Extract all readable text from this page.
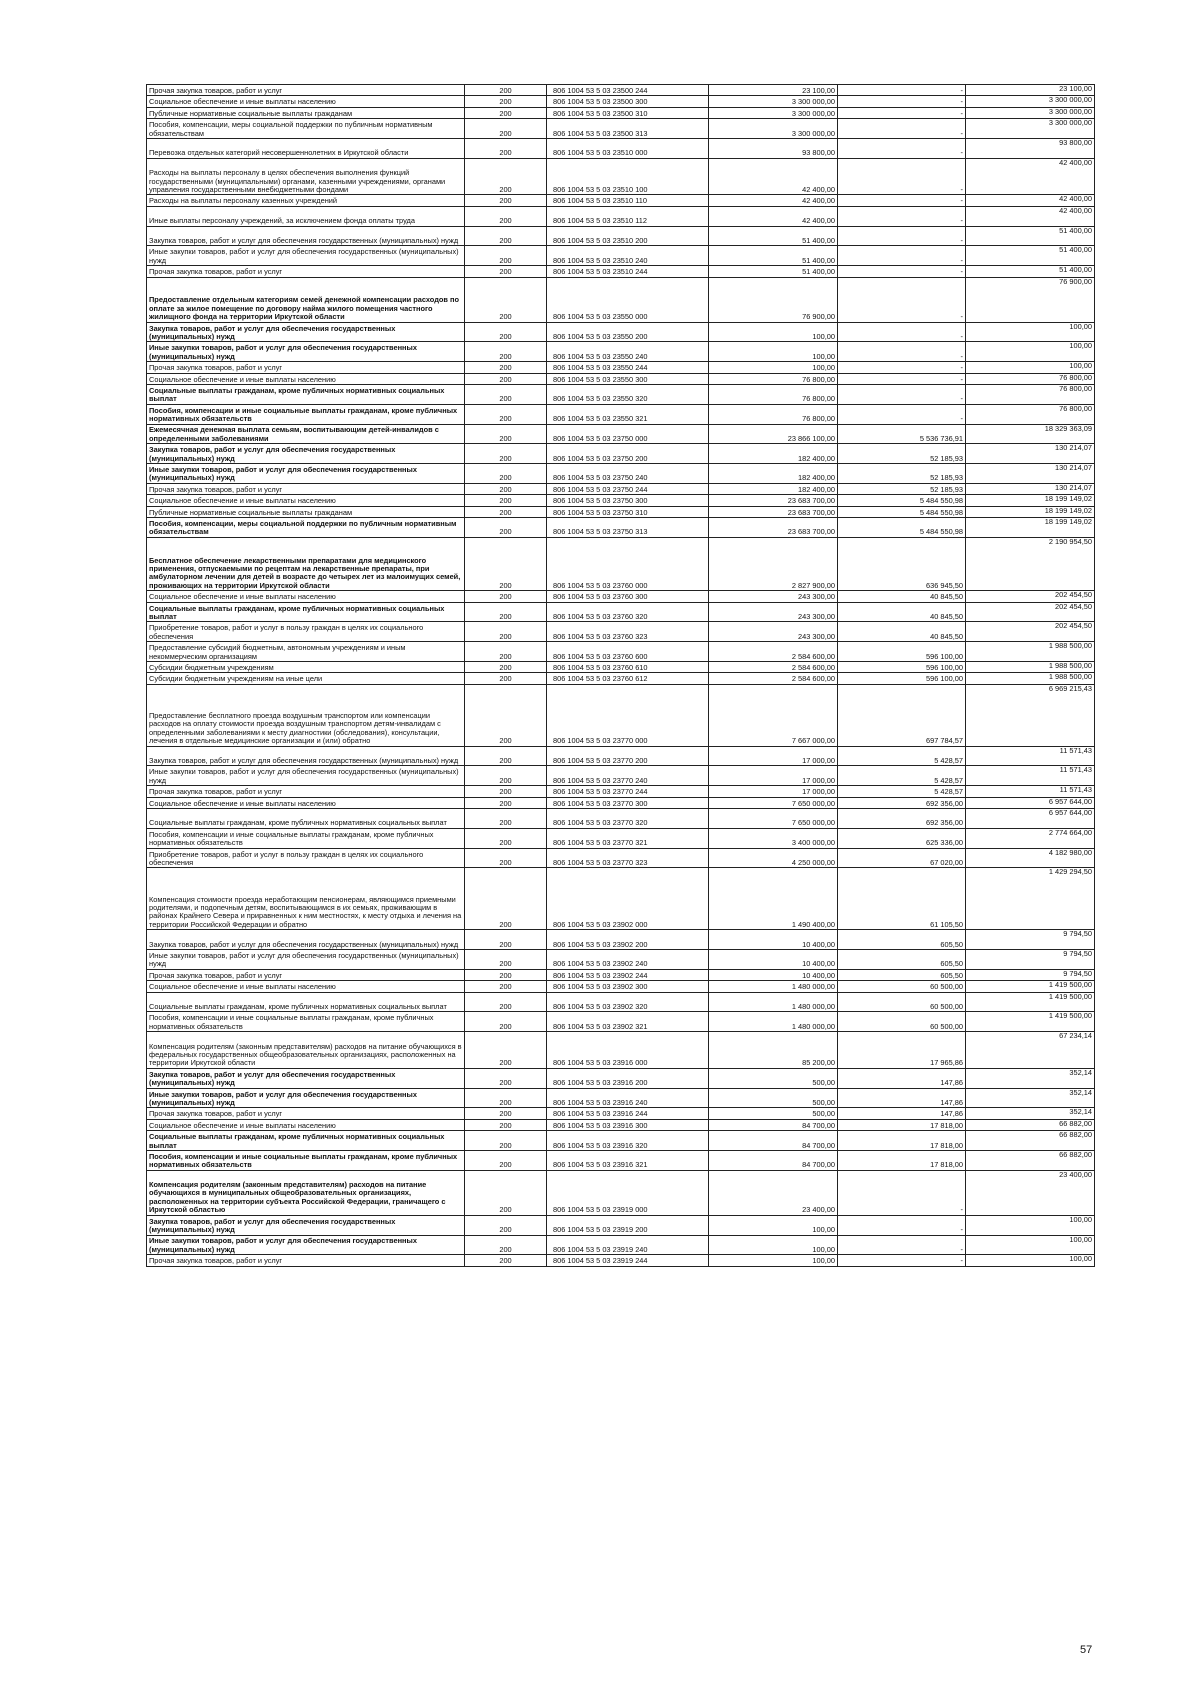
Прочая закупка товаров, работ и услуг	200	806 1004 53 5 03 23500 244	23 100,00	-	23 100,00
Социальное обеспечение и иные выплаты населению	200	806 1004 53 5 03 23500 300	3 300 000,00	-	3 300 000,00
Публичные нормативные социальные выплаты гражданам	200	806 1004 53 5 03 23500 310	3 300 000,00	-	3 300 000,00
Пособия, компенсации, меры социальной поддержки по публичным нормативным обязательствам	200	806 1004 53 5 03 23500 313	3 300 000,00	-	3 300 000,00
Перевозка отдельных категорий несовершеннолетних в Иркутской области	200	806 1004 53 5 03 23510 000	93 800,00	-	93 800,00
Расходы на выплаты персоналу в целях обеспечения выполнения функций государственными (муниципальными) органами, казенными учреждениями, органами управления государственными внебюджетными фондами	200	806 1004 53 5 03 23510 100	42 400,00	-	42 400,00
Расходы на выплаты персоналу казенных учреждений	200	806 1004 53 5 03 23510 110	42 400,00	-	42 400,00
Иные выплаты персоналу учреждений, за исключением фонда оплаты труда	200	806 1004 53 5 03 23510 112	42 400,00	-	42 400,00
Закупка товаров, работ и услуг для обеспечения государственных (муниципальных) нужд	200	806 1004 53 5 03 23510 200	51 400,00	-	51 400,00
Иные закупки товаров, работ и услуг для обеспечения государственных (муниципальных) нужд	200	806 1004 53 5 03 23510 240	51 400,00	-	51 400,00
Прочая закупка товаров, работ и услуг	200	806 1004 53 5 03 23510 244	51 400,00	-	51 400,00
Предоставление отдельным категориям семей денежной компенсации расходов по оплате за жилое помещение по договору найма жилого помещения частного жилищного фонда на территории Иркутской области	200	806 1004 53 5 03 23550 000	76 900,00	-	76 900,00
Закупка товаров, работ и услуг для обеспечения государственных (муниципальных) нужд	200	806 1004 53 5 03 23550 200	100,00	-	100,00
Иные закупки товаров, работ и услуг для обеспечения государственных (муниципальных) нужд	200	806 1004 53 5 03 23550 240	100,00	-	100,00
Прочая закупка товаров, работ и услуг	200	806 1004 53 5 03 23550 244	100,00	-	100,00
Социальное обеспечение и иные выплаты населению	200	806 1004 53 5 03 23550 300	76 800,00	-	76 800,00
Социальные выплаты гражданам, кроме публичных нормативных социальных выплат	200	806 1004 53 5 03 23550 320	76 800,00	-	76 800,00
Пособия, компенсации и иные социальные выплаты гражданам, кроме публичных нормативных обязательств	200	806 1004 53 5 03 23550 321	76 800,00	-	76 800,00
Ежемесячная денежная выплата семьям, воспитывающим детей-инвалидов с определенными заболеваниями	200	806 1004 53 5 03 23750 000	23 866 100,00	5 536 736,91	18 329 363,09
Закупка товаров, работ и услуг для обеспечения государственных (муниципальных) нужд	200	806 1004 53 5 03 23750 200	182 400,00	52 185,93	130 214,07
Иные закупки товаров, работ и услуг для обеспечения государственных (муниципальных) нужд	200	806 1004 53 5 03 23750 240	182 400,00	52 185,93	130 214,07
Прочая закупка товаров, работ и услуг	200	806 1004 53 5 03 23750 244	182 400,00	52 185,93	130 214,07
Социальное обеспечение и иные выплаты населению	200	806 1004 53 5 03 23750 300	23 683 700,00	5 484 550,98	18 199 149,02
Публичные нормативные социальные выплаты гражданам	200	806 1004 53 5 03 23750 310	23 683 700,00	5 484 550,98	18 199 149,02
Пособия, компенсации, меры социальной поддержки по публичным нормативным обязательствам	200	806 1004 53 5 03 23750 313	23 683 700,00	5 484 550,98	18 199 149,02
Бесплатное обеспечение лекарственными препаратами для медицинского применения, отпускаемыми по рецептам на лекарственные препараты, при амбулаторном лечении для детей в возрасте до четырех лет из малоимущих семей, проживающих на территории Иркутской области	200	806 1004 53 5 03 23760 000	2 827 900,00	636 945,50	2 190 954,50
Социальное обеспечение и иные выплаты населению	200	806 1004 53 5 03 23760 300	243 300,00	40 845,50	202 454,50
Социальные выплаты гражданам, кроме публичных нормативных социальных выплат	200	806 1004 53 5 03 23760 320	243 300,00	40 845,50	202 454,50
Приобретение товаров, работ и услуг в пользу граждан в целях их социального обеспечения	200	806 1004 53 5 03 23760 323	243 300,00	40 845,50	202 454,50
Предоставление субсидий бюджетным, автономным учреждениям и иным некоммерческим организациям	200	806 1004 53 5 03 23760 600	2 584 600,00	596 100,00	1 988 500,00
Субсидии бюджетным учреждениям	200	806 1004 53 5 03 23760 610	2 584 600,00	596 100,00	1 988 500,00
Субсидии бюджетным учреждениям на иные цели	200	806 1004 53 5 03 23760 612	2 584 600,00	596 100,00	1 988 500,00
Предоставление бесплатного проезда воздушным транспортом или компенсации расходов на оплату стоимости проезда воздушным транспортом детям-инвалидам с определенными заболеваниями к месту диагностики (обследования), консультации, лечения в отдельные медицинские организации и (или) обратно	200	806 1004 53 5 03 23770 000	7 667 000,00	697 784,57	6 969 215,43
Закупка товаров, работ и услуг для обеспечения государственных (муниципальных) нужд	200	806 1004 53 5 03 23770 200	17 000,00	5 428,57	11 571,43
Иные закупки товаров, работ и услуг для обеспечения государственных (муниципальных) нужд	200	806 1004 53 5 03 23770 240	17 000,00	5 428,57	11 571,43
Прочая закупка товаров, работ и услуг	200	806 1004 53 5 03 23770 244	17 000,00	5 428,57	11 571,43
Социальное обеспечение и иные выплаты населению	200	806 1004 53 5 03 23770 300	7 650 000,00	692 356,00	6 957 644,00
Социальные выплаты гражданам, кроме публичных нормативных социальных выплат	200	806 1004 53 5 03 23770 320	7 650 000,00	692 356,00	6 957 644,00
Пособия, компенсации и иные социальные выплаты гражданам, кроме публичных нормативных обязательств	200	806 1004 53 5 03 23770 321	3 400 000,00	625 336,00	2 774 664,00
Приобретение товаров, работ и услуг в пользу граждан в целях их социального обеспечения	200	806 1004 53 5 03 23770 323	4 250 000,00	67 020,00	4 182 980,00
Компенсация стоимости проезда неработающим пенсионерам, являющимся приемными родителями, и подопечным детям, воспитывающимся в их семьях, проживающим в районах Крайнего Севера и приравненных к ним местностях, к месту отдыха и лечения на территории Российской Федерации и обратно	200	806 1004 53 5 03 23902 000	1 490 400,00	61 105,50	1 429 294,50
Закупка товаров, работ и услуг для обеспечения государственных (муниципальных) нужд	200	806 1004 53 5 03 23902 200	10 400,00	605,50	9 794,50
Иные закупки товаров, работ и услуг для обеспечения государственных (муниципальных) нужд	200	806 1004 53 5 03 23902 240	10 400,00	605,50	9 794,50
Прочая закупка товаров, работ и услуг	200	806 1004 53 5 03 23902 244	10 400,00	605,50	9 794,50
Социальное обеспечение и иные выплаты населению	200	806 1004 53 5 03 23902 300	1 480 000,00	60 500,00	1 419 500,00
Социальные выплаты гражданам, кроме публичных нормативных социальных выплат	200	806 1004 53 5 03 23902 320	1 480 000,00	60 500,00	1 419 500,00
Пособия, компенсации и иные социальные выплаты гражданам, кроме публичных нормативных обязательств	200	806 1004 53 5 03 23902 321	1 480 000,00	60 500,00	1 419 500,00
Компенсация родителям (законным представителям) расходов на питание обучающихся в федеральных государственных общеобразовательных организациях, расположенных на территории Иркутской области	200	806 1004 53 5 03 23916 000	85 200,00	17 965,86	67 234,14
Закупка товаров, работ и услуг для обеспечения государственных (муниципальных) нужд	200	806 1004 53 5 03 23916 200	500,00	147,86	352,14
Иные закупки товаров, работ и услуг для обеспечения государственных (муниципальных) нужд	200	806 1004 53 5 03 23916 240	500,00	147,86	352,14
Прочая закупка товаров, работ и услуг	200	806 1004 53 5 03 23916 244	500,00	147,86	352,14
Социальное обеспечение и иные выплаты населению	200	806 1004 53 5 03 23916 300	84 700,00	17 818,00	66 882,00
Социальные выплаты гражданам, кроме публичных нормативных социальных выплат	200	806 1004 53 5 03 23916 320	84 700,00	17 818,00	66 882,00
Пособия, компенсации и иные социальные выплаты гражданам, кроме публичных нормативных обязательств	200	806 1004 53 5 03 23916 321	84 700,00	17 818,00	66 882,00
Компенсация родителям (законным представителям) расходов на питание обучающихся в муниципальных общеобразовательных организациях, расположенных на территории субъекта Российской Федерации, граничащего с Иркутской областью	200	806 1004 53 5 03 23919 000	23 400,00	-	23 400,00
Закупка товаров, работ и услуг для обеспечения государственных (муниципальных) нужд	200	806 1004 53 5 03 23919 200	100,00	-	100,00
Иные закупки товаров, работ и услуг для обеспечения государственных (муниципальных) нужд	200	806 1004 53 5 03 23919 240	100,00	-	100,00
Прочая закупка товаров, работ и услуг	200	806 1004 53 5 03 23919 244	100,00	-	100,00
57
